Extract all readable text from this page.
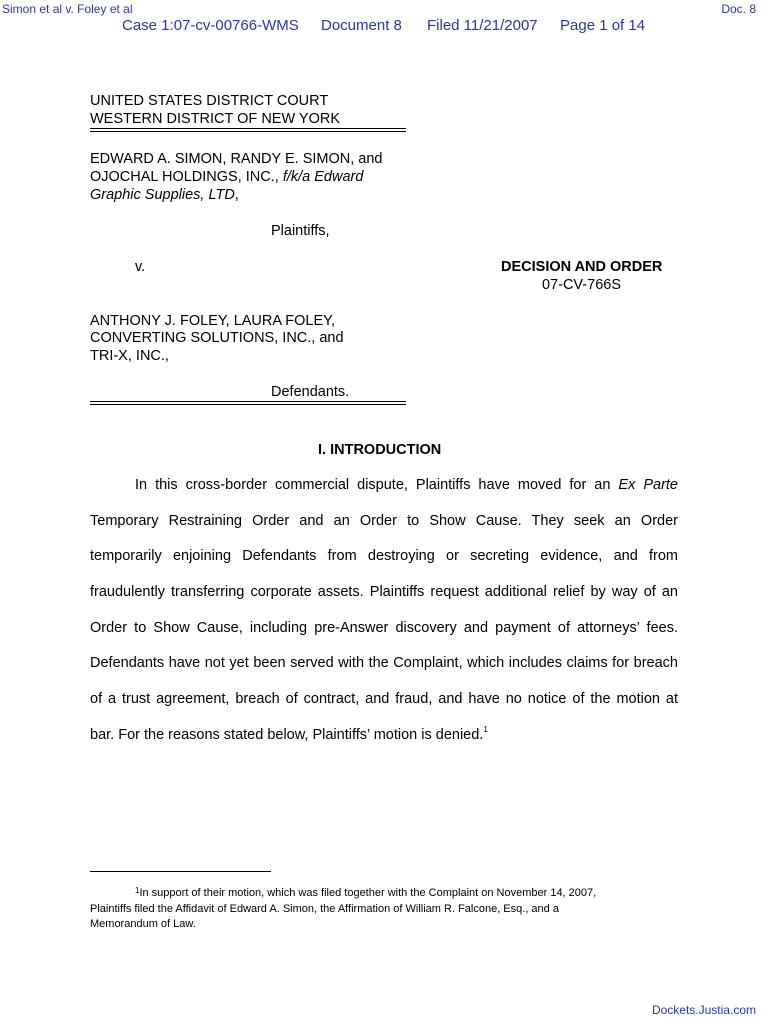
Simon et al v. Foley et al	Doc. 8
Case 1:07-cv-00766-WMS Document 8 Filed 11/21/2007 Page 1 of 14
UNITED STATES DISTRICT COURT
WESTERN DISTRICT OF NEW YORK
EDWARD A. SIMON, RANDY E. SIMON, and
OJOCHAL HOLDINGS, INC., f/k/a Edward
Graphic Supplies, LTD,
Plaintiffs,
v.	DECISION AND ORDER
07-CV-766S
ANTHONY J. FOLEY, LAURA FOLEY,
CONVERTING SOLUTIONS, INC., and
TRI-X, INC.,
Defendants.
I. INTRODUCTION
In this cross-border commercial dispute, Plaintiffs have moved for an Ex Parte
Temporary Restraining Order and an Order to Show Cause. They seek an Order
temporarily enjoining Defendants from destroying or secreting evidence, and from
fraudulently transferring corporate assets. Plaintiffs request additional relief by way of an
Order to Show Cause, including pre-Answer discovery and payment of attorneys’ fees.
Defendants have not yet been served with the Complaint, which includes claims for breach
of a trust agreement, breach of contract, and fraud, and have no notice of the motion at
bar. For the reasons stated below, Plaintiffs’ motion is denied.$^1$
$^1$In support of their motion, which was filed together with the Complaint on November 14, 2007,
Plaintiffs filed the Affidavit of Edward A. Simon, the Affirmation of William R. Falcone, Esq., and a
Memorandum of Law.
Dockets.Justia.com
